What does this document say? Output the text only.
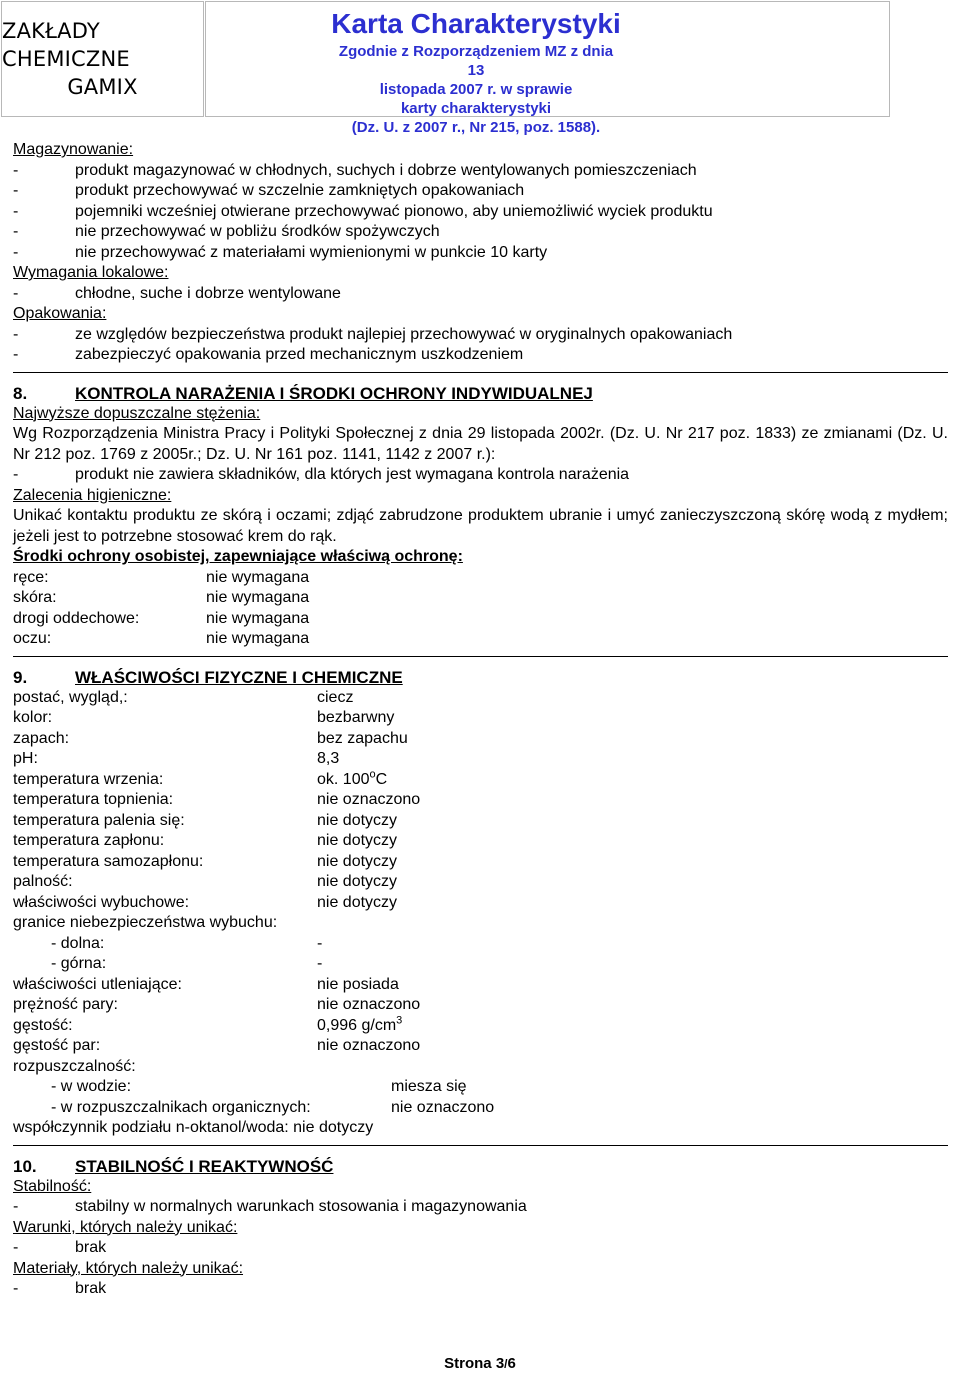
ZAKŁADY CHEMICZNE
GAMIX
Karta Charakterystyki
Zgodnie z Rozporządzeniem MZ z dnia 13
listopada 2007 r. w sprawie
karty charakterystyki
(Dz. U. z 2007 r., Nr 215, poz. 1588).
Magazynowanie:
-	produkt magazynować w chłodnych, suchych i dobrze wentylowanych pomieszczeniach
-	produkt przechowywać w szczelnie zamkniętych opakowaniach
-	pojemniki wcześniej otwierane przechowywać pionowo, aby uniemożliwić wyciek produktu
-	nie przechowywać w pobliżu środków spożywczych
-	nie przechowywać z materiałami wymienionymi w punkcie 10 karty
Wymagania lokalowe:
-	chłodne, suche i dobrze wentylowane
Opakowania:
-	ze względów bezpieczeństwa produkt najlepiej przechowywać w oryginalnych opakowaniach
-	zabezpieczyć opakowania przed mechanicznym uszkodzeniem
8.	KONTROLA NARAŻENIA I ŚRODKI OCHRONY INDYWIDUALNEJ
Najwyższe dopuszczalne stężenia:
Wg Rozporządzenia Ministra Pracy i Polityki Społecznej z dnia 29 listopada 2002r. (Dz. U. Nr 217 poz. 1833) ze zmianami (Dz. U. Nr 212 poz. 1769 z 2005r.; Dz. U. Nr 161 poz. 1141, 1142 z 2007 r.):
-	produkt nie zawiera składników, dla których jest wymagana kontrola narażenia
Zalecenia higieniczne:
Unikać kontaktu produktu ze skórą i oczami; zdjąć zabrudzone produktem ubranie i umyć zanieczyszczoną skórę wodą z mydłem; jeżeli jest to potrzebne stosować krem do rąk.
Środki ochrony osobistej, zapewniające właściwą ochronę:
ręce:	nie wymagana
skóra:	nie wymagana
drogi oddechowe:	nie wymagana
oczu:	nie wymagana
9.	WŁAŚCIWOŚCI FIZYCZNE I CHEMICZNE
postać, wygląd,:	ciecz
kolor:	bezbarwny
zapach:	bez zapachu
pH:	8,3
temperatura wrzenia:	ok. 100$^o$C
temperatura topnienia:	nie oznaczono
temperatura palenia się:	nie dotyczy
temperatura zapłonu:	nie dotyczy
temperatura samozapłonu:	nie dotyczy
palność:	nie dotyczy
właściwości wybuchowe:	nie dotyczy
granice niebezpieczeństwa wybuchu:
- dolna:	-
- górna:	-
właściwości utleniające:	nie posiada
prężność pary:	nie oznaczono
gęstość:	0,996 $g/cm^3$
gęstość par:	nie oznaczono
rozpuszczalność:
- w wodzie:	miesza się
- w rozpuszczalnikach organicznych:	nie oznaczono
współczynnik podziału n-oktanol/woda: nie dotyczy
10. STABILNOŚĆ I REAKTYWNOŚĆ
Stabilność:
-	stabilny w normalnych warunkach stosowania i magazynowania
Warunki, których należy unikać:
-	brak
Materiały, których należy unikać:
-	brak
Strona 3/6
